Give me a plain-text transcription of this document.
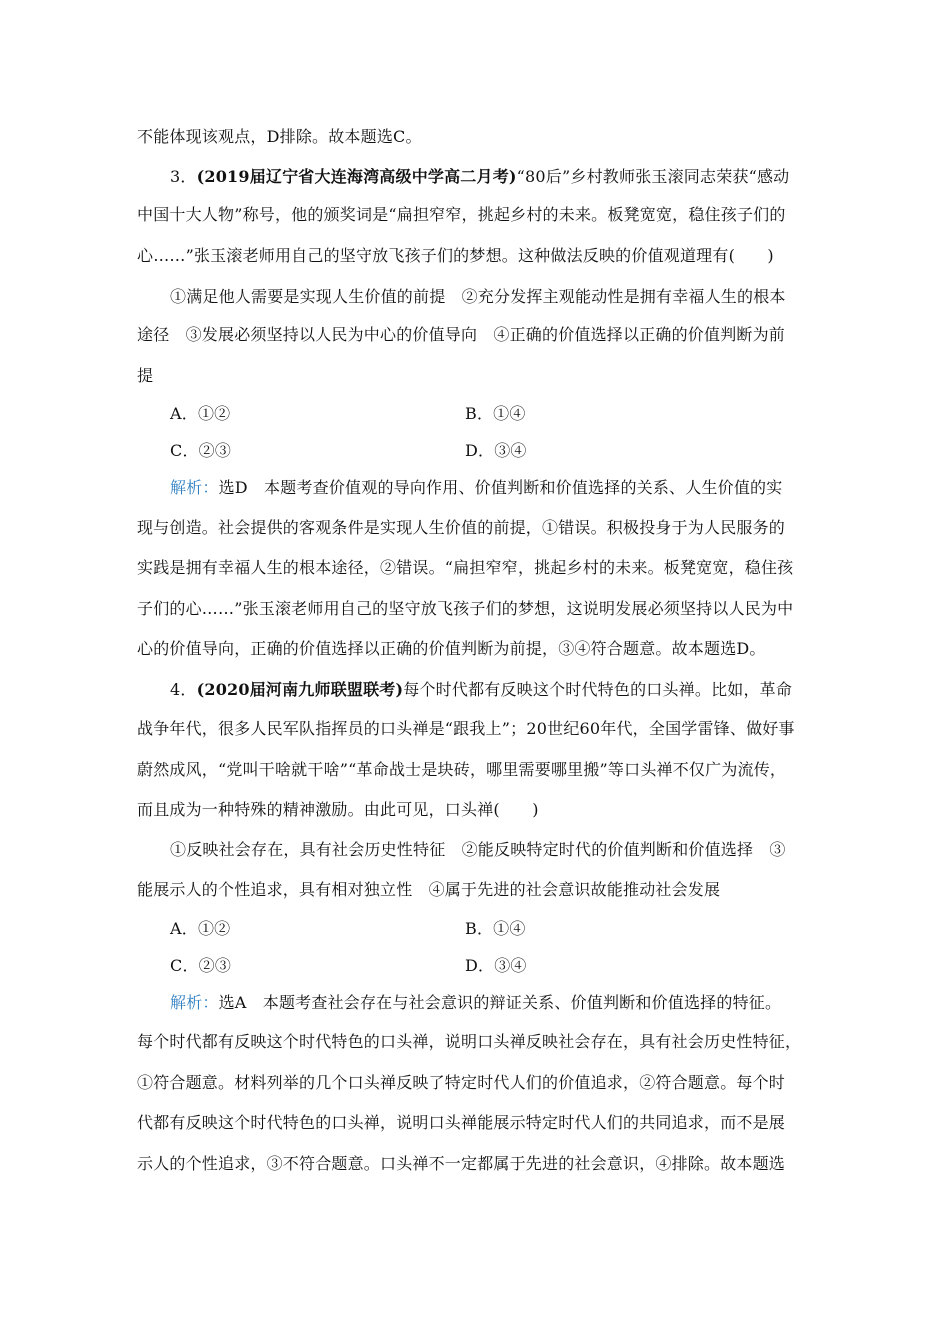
不能体现该观点，D排除。故本题选C。
3．(2019届辽宁省大连海湾高级中学高二月考)“80后”乡村教师张玉滚同志荣获“感动
中国十大人物”称号，他的颁奖词是“扁担窄窄，挑起乡村的未来。板凳宽宽，稳住孩子们的
心……”张玉滚老师用自己的坚守放飞孩子们的梦想。这种做法反映的价值观道理有(　　)
①满足他人需要是实现人生价值的前提　②充分发挥主观能动性是拥有幸福人生的根本
途径　③发展必须坚持以人民为中心的价值导向　④正确的价值选择以正确的价值判断为前
提
A．①②	B．①④
C．②③	D．③④
解析：选D　本题考查价值观的导向作用、价值判断和价值选择的关系、人生价值的实
现与创造。社会提供的客观条件是实现人生价值的前提，①错误。积极投身于为人民服务的
实践是拥有幸福人生的根本途径，②错误。“扁担窄窄，挑起乡村的未来。板凳宽宽，稳住孩
子们的心……”张玉滚老师用自己的坚守放飞孩子们的梦想，这说明发展必须坚持以人民为中
心的价值导向，正确的价值选择以正确的价值判断为前提，③④符合题意。故本题选D。
4．(2020届河南九师联盟联考)每个时代都有反映这个时代特色的口头禅。比如，革命
战争年代，很多人民军队指挥员的口头禅是“跟我上”；20世纪60年代，全国学雷锋、做好事
蔚然成风，“党叫干啥就干啥”“革命战士是块砖，哪里需要哪里搬”等口头禅不仅广为流传，
而且成为一种特殊的精神激励。由此可见，口头禅(　　)
①反映社会存在，具有社会历史性特征　②能反映特定时代的价值判断和价值选择　③
能展示人的个性追求，具有相对独立性　④属于先进的社会意识故能推动社会发展
A．①②	B．①④
C．②③	D．③④
解析：选A　本题考查社会存在与社会意识的辩证关系、价值判断和价值选择的特征。
每个时代都有反映这个时代特色的口头禅，说明口头禅反映社会存在，具有社会历史性特征，
①符合题意。材料列举的几个口头禅反映了特定时代人们的价值追求，②符合题意。每个时
代都有反映这个时代特色的口头禅，说明口头禅能展示特定时代人们的共同追求，而不是展
示人的个性追求，③不符合题意。口头禅不一定都属于先进的社会意识，④排除。故本题选
